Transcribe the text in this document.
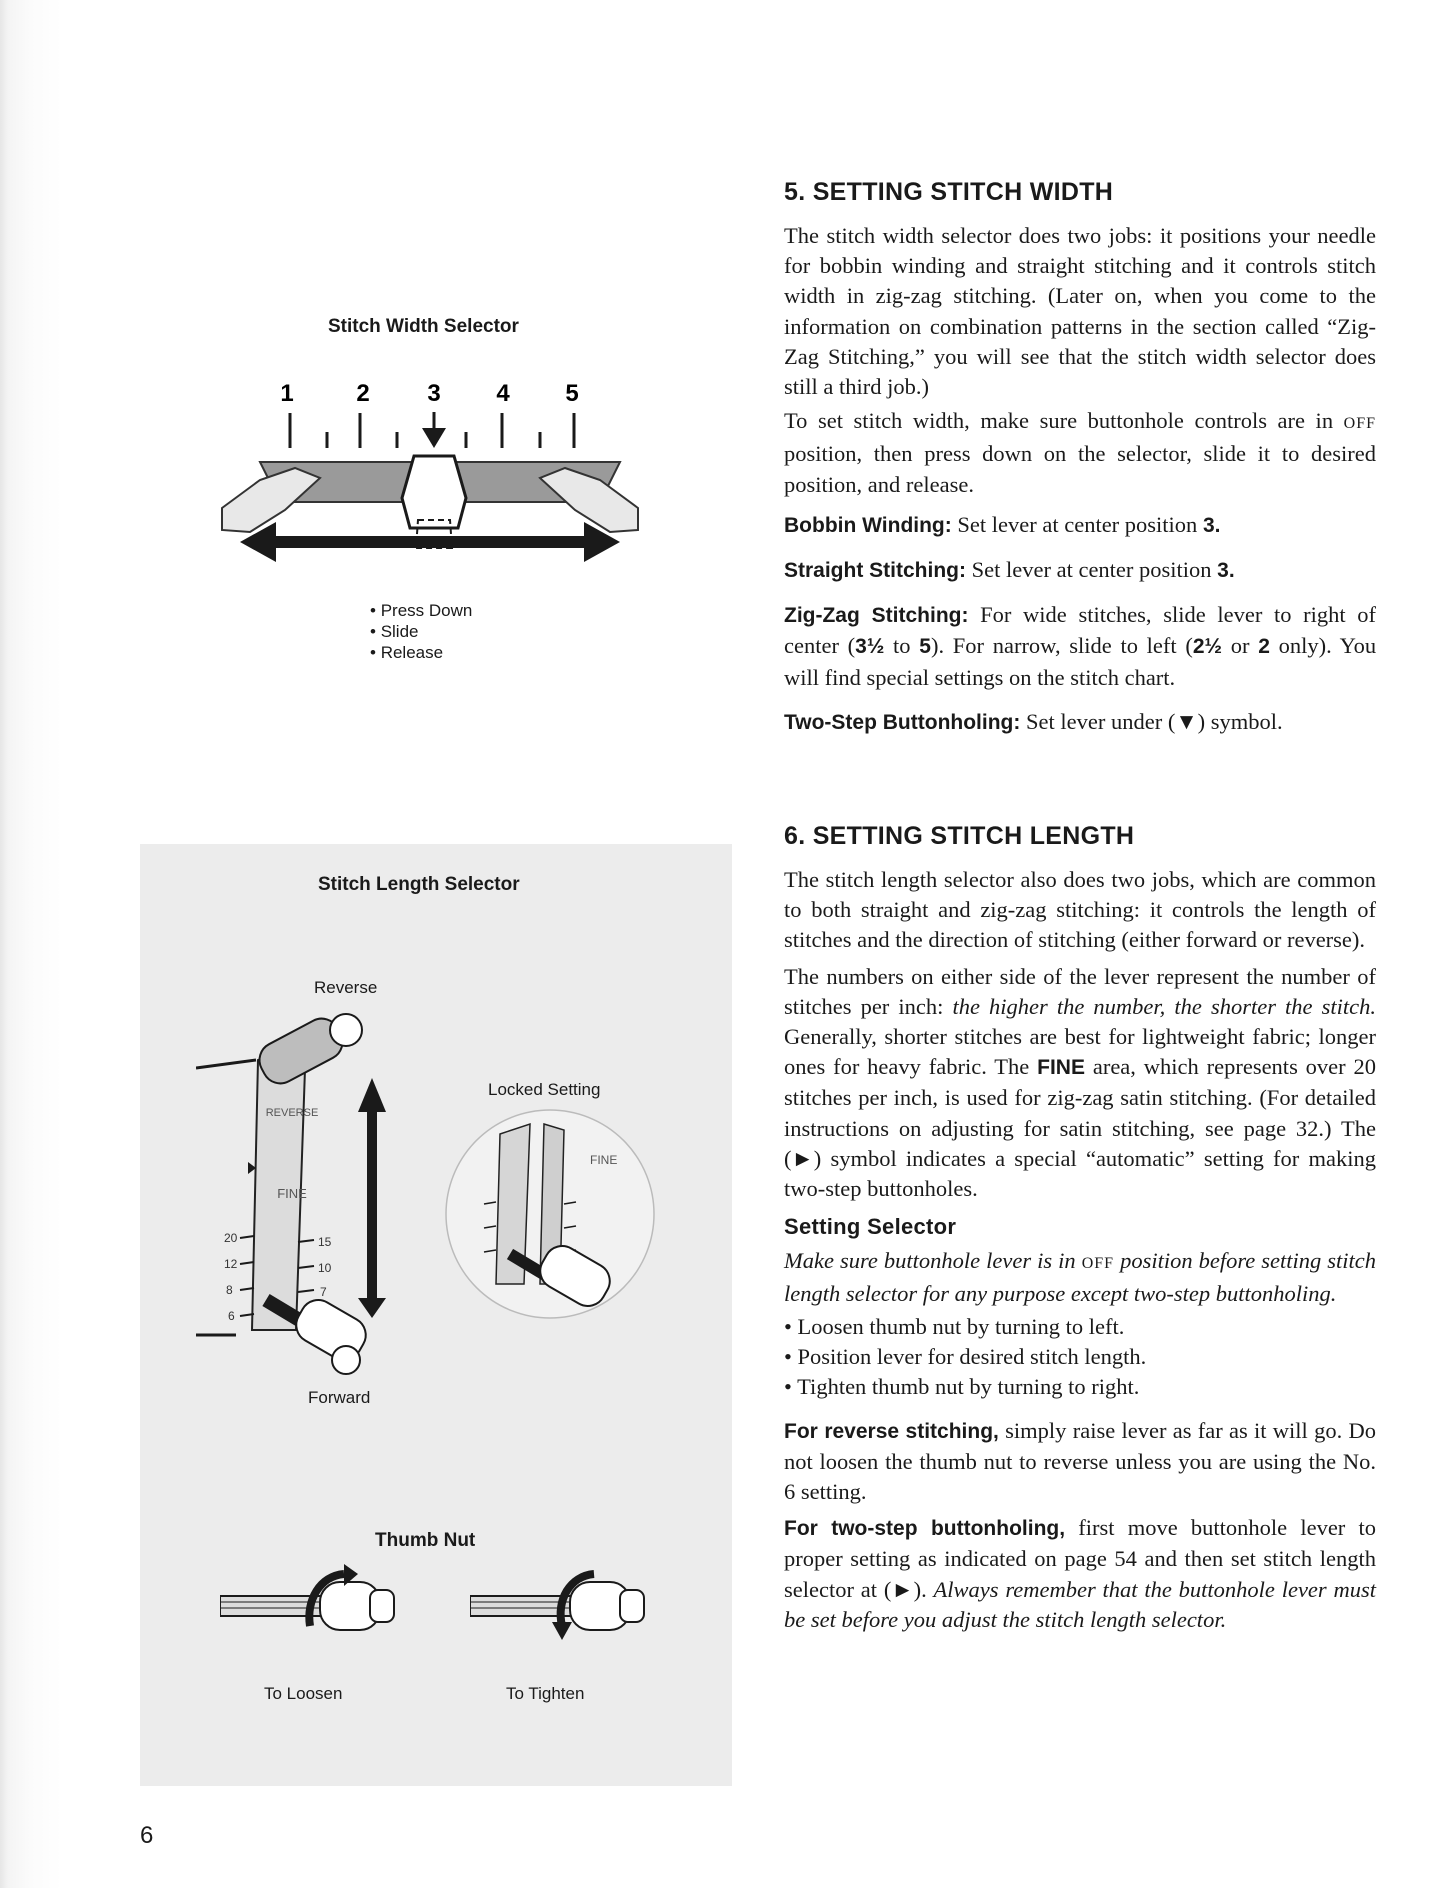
Stitch Width Selector
1	2 3 4 5
• Press Down
• Slide
• Release
Stitch Length Selector
Reverse
Locked Setting
Forward
REVERSE
FINE
20
12
8
6
15
10
7
FINE
Thumb Nut
To Loosen	To Tighten
6
5. SETTING STITCH WIDTH

The stitch width selector does two jobs: it positions your needle for bobbin winding and straight stitching and it controls stitch width in zig-zag stitching. (Later on, when you come to the information on combination patterns in the section called “Zig-Zag Stitching,” you will see that the stitch width selector does still a third job.)

To set stitch width, make sure buttonhole controls are in OFF position, then press down on the selector, slide it to desired position, and release.

Bobbin Winding: Set lever at center position 3.

Straight Stitching: Set lever at center position 3.

Zig-Zag Stitching: For wide stitches, slide lever to right of center (3½ to 5). For narrow, slide to left (2½ or 2 only). You will find special settings on the stitch chart.

Two-Step Buttonholing: Set lever under (▼) symbol.

6. SETTING STITCH LENGTH

The stitch length selector also does two jobs, which are common to both straight and zig-zag stitching: it controls the length of stitches and the direction of stitching (either forward or reverse).

The numbers on either side of the lever represent the number of stitches per inch: the higher the number, the shorter the stitch. Generally, shorter stitches are best for lightweight fabric; longer ones for heavy fabric. The FINE area, which represents over 20 stitches per inch, is used for zig-zag satin stitching. (For detailed instructions on adjusting for satin stitching, see page 32.) The (►) symbol indicates a special “automatic” setting for making two-step buttonholes.

Setting Selector

Make sure buttonhole lever is in OFF position before setting stitch length selector for any purpose except two-step buttonholing.

• Loosen thumb nut by turning to left.
• Position lever for desired stitch length.
• Tighten thumb nut by turning to right.

For reverse stitching, simply raise lever as far as it will go. Do not loosen the thumb nut to reverse unless you are using the No. 6 setting.

For two-step buttonholing, first move buttonhole lever to proper setting as indicated on page 54 and then set stitch length selector at (►). Always remember that the buttonhole lever must be set before you adjust the stitch length selector.
